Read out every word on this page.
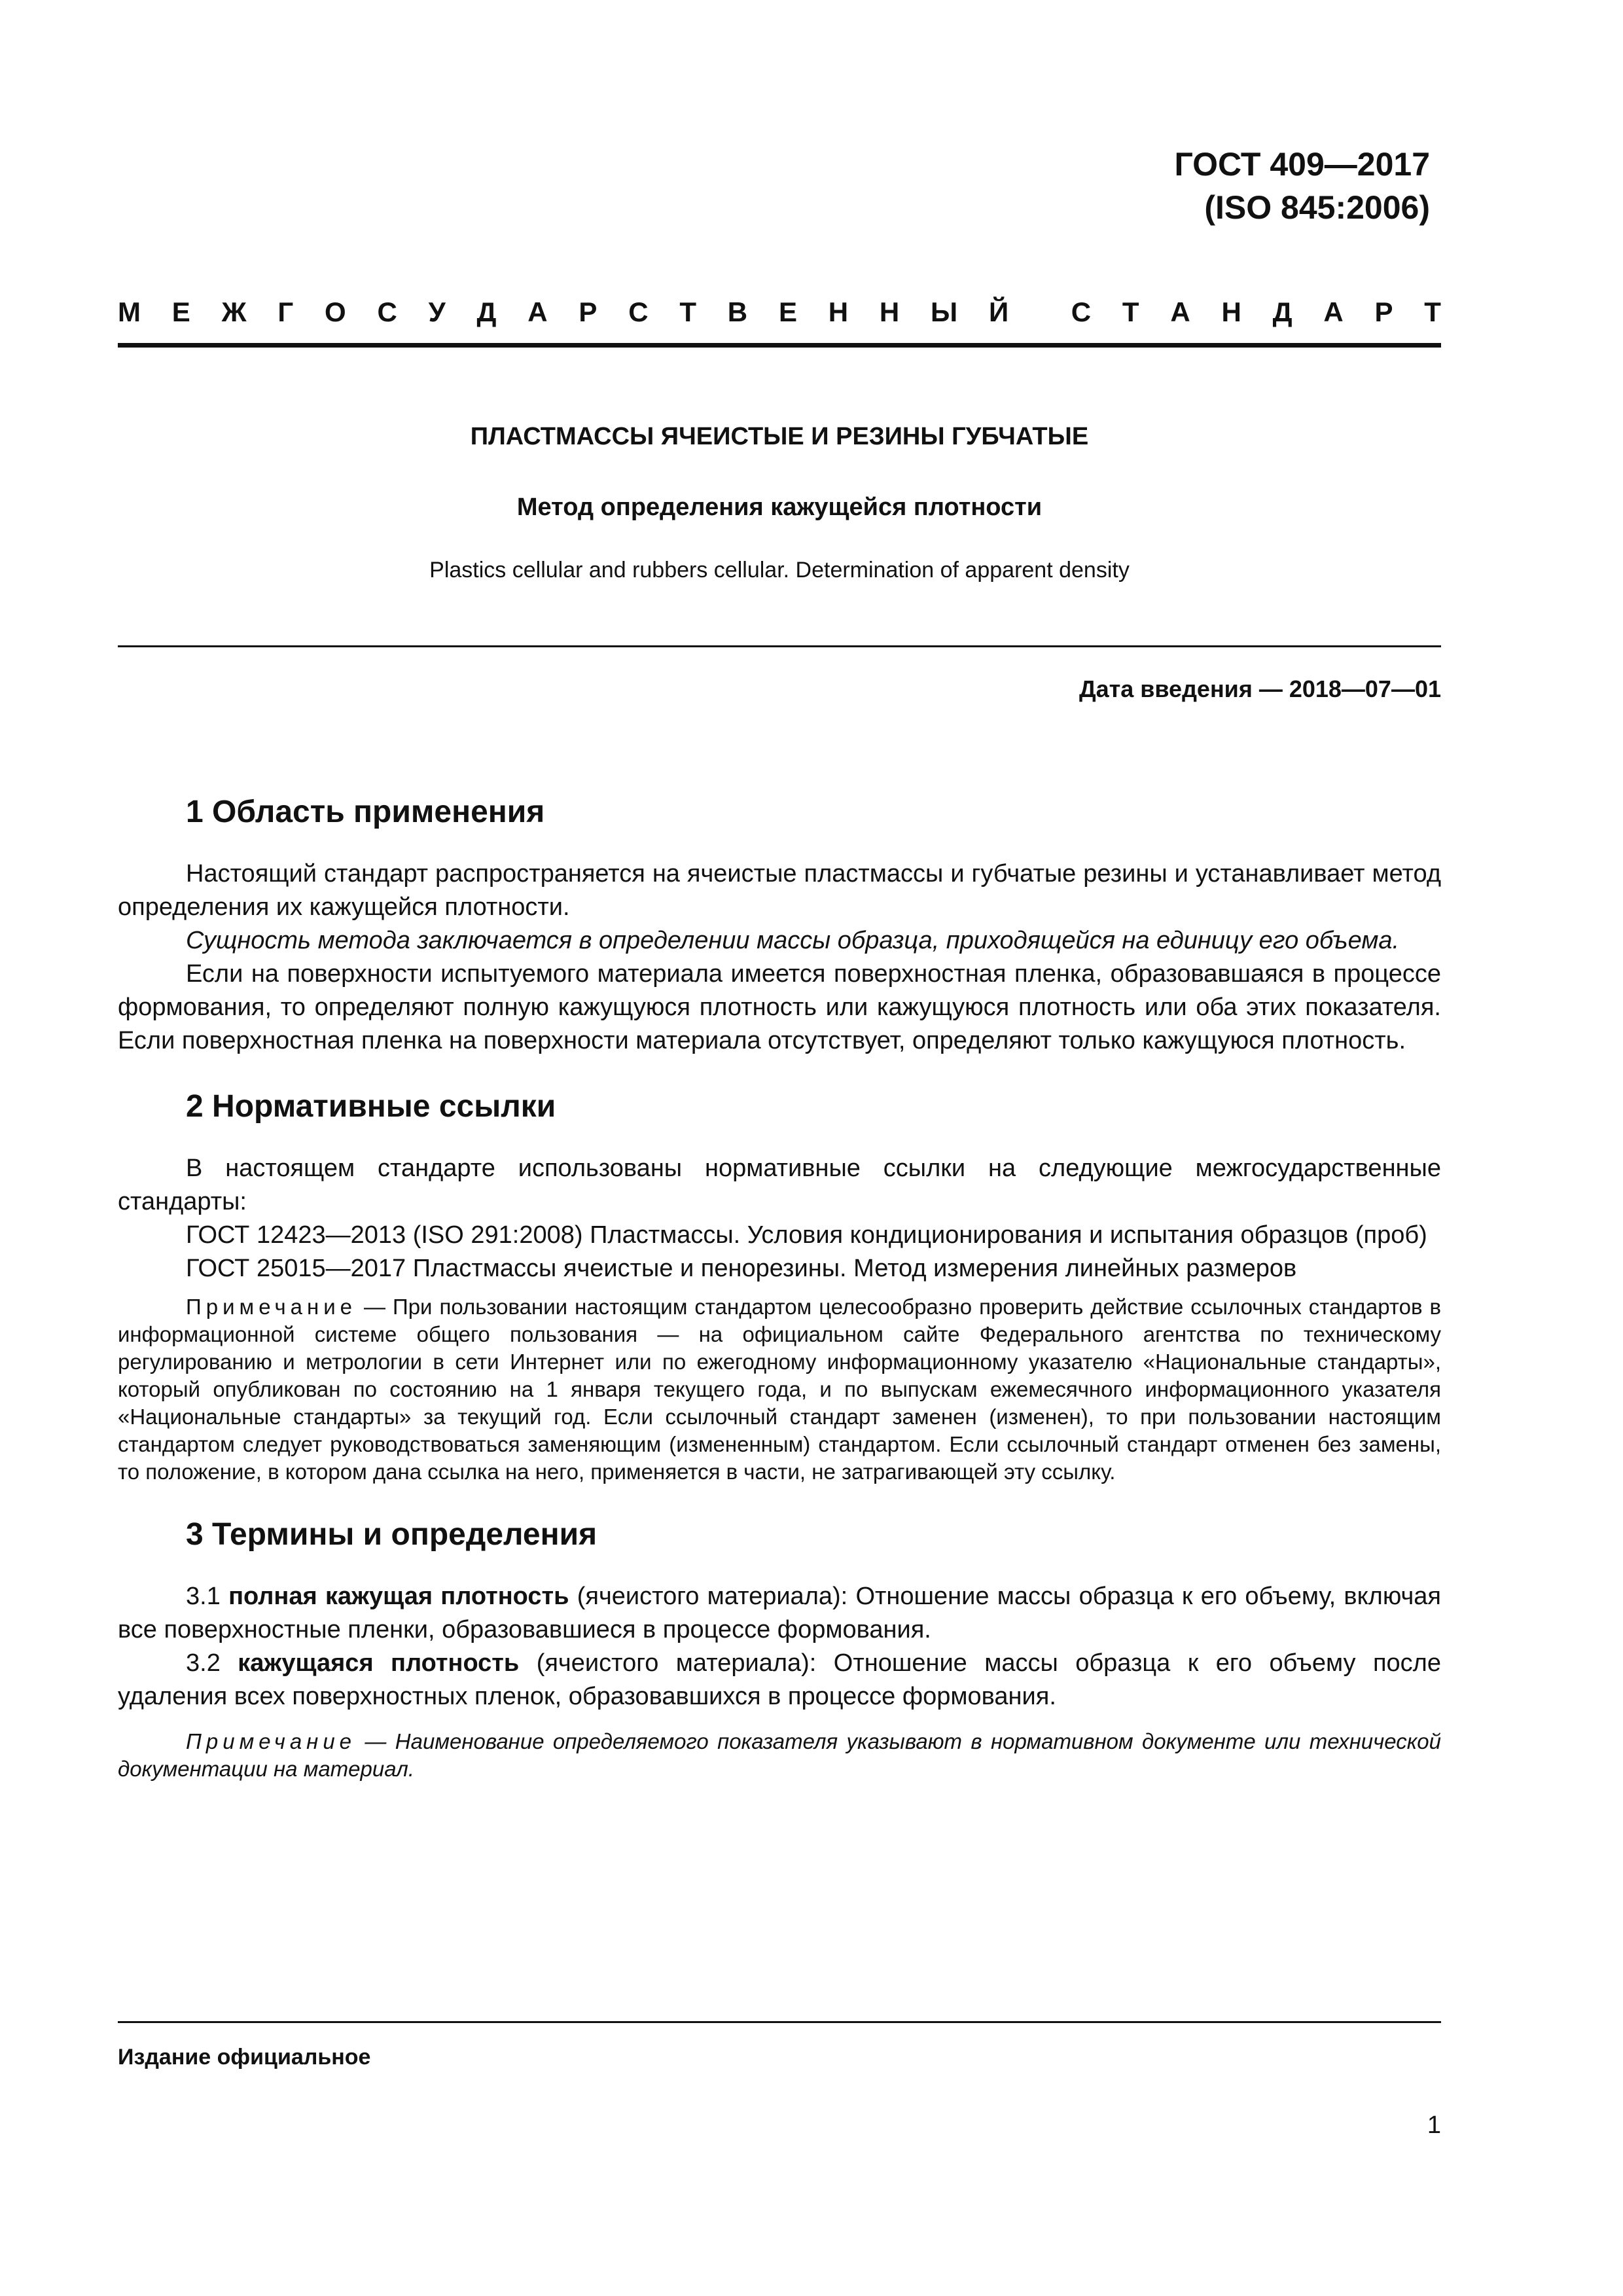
ГОСТ 409—2017
(ISO 845:2006)
М Е Ж Г О С У Д А Р С Т В Е Н Н Ы Й С Т А Н Д А Р Т
ПЛАСТМАССЫ ЯЧЕИСТЫЕ И РЕЗИНЫ ГУБЧАТЫЕ
Метод определения кажущейся плотности
Plastics cellular and rubbers cellular. Determination of apparent density
Дата введения — 2018—07—01
1 Область применения

Настоящий стандарт распространяется на ячеистые пластмассы и губчатые резины и устанавливает метод определения их кажущейся плотности.

Сущность метода заключается в определении массы образца, приходящейся на единицу его объема.

Если на поверхности испытуемого материала имеется поверхностная пленка, образовавшаяся в процессе формования, то определяют полную кажущуюся плотность или кажущуюся плотность или оба этих показателя. Если поверхностная пленка на поверхности материала отсутствует, определяют только кажущуюся плотность.

2 Нормативные ссылки

В настоящем стандарте использованы нормативные ссылки на следующие межгосударственные стандарты:

ГОСТ 12423—2013 (ISO 291:2008) Пластмассы. Условия кондиционирования и испытания образцов (проб)

ГОСТ 25015—2017 Пластмассы ячеистые и пенорезины. Метод измерения линейных размеров

Примечание — При пользовании настоящим стандартом целесообразно проверить действие ссылочных стандартов в информационной системе общего пользования — на официальном сайте Федерального агентства по техническому регулированию и метрологии в сети Интернет или по ежегодному информационному указателю «Национальные стандарты», который опубликован по состоянию на 1 января текущего года, и по выпускам ежемесячного информационного указателя «Национальные стандарты» за текущий год. Если ссылочный стандарт заменен (изменен), то при пользовании настоящим стандартом следует руководствоваться заменяющим (измененным) стандартом. Если ссылочный стандарт отменен без замены, то положение, в котором дана ссылка на него, применяется в части, не затрагивающей эту ссылку.

3 Термины и определения

3.1 полная кажущая плотность (ячеистого материала): Отношение массы образца к его объему, включая все поверхностные пленки, образовавшиеся в процессе формования.

3.2 кажущаяся плотность (ячеистого материала): Отношение массы образца к его объему после удаления всех поверхностных пленок, образовавшихся в процессе формования.

Примечание — Наименование определяемого показателя указывают в нормативном документе или технической документации на материал.

Издание официальное
1
